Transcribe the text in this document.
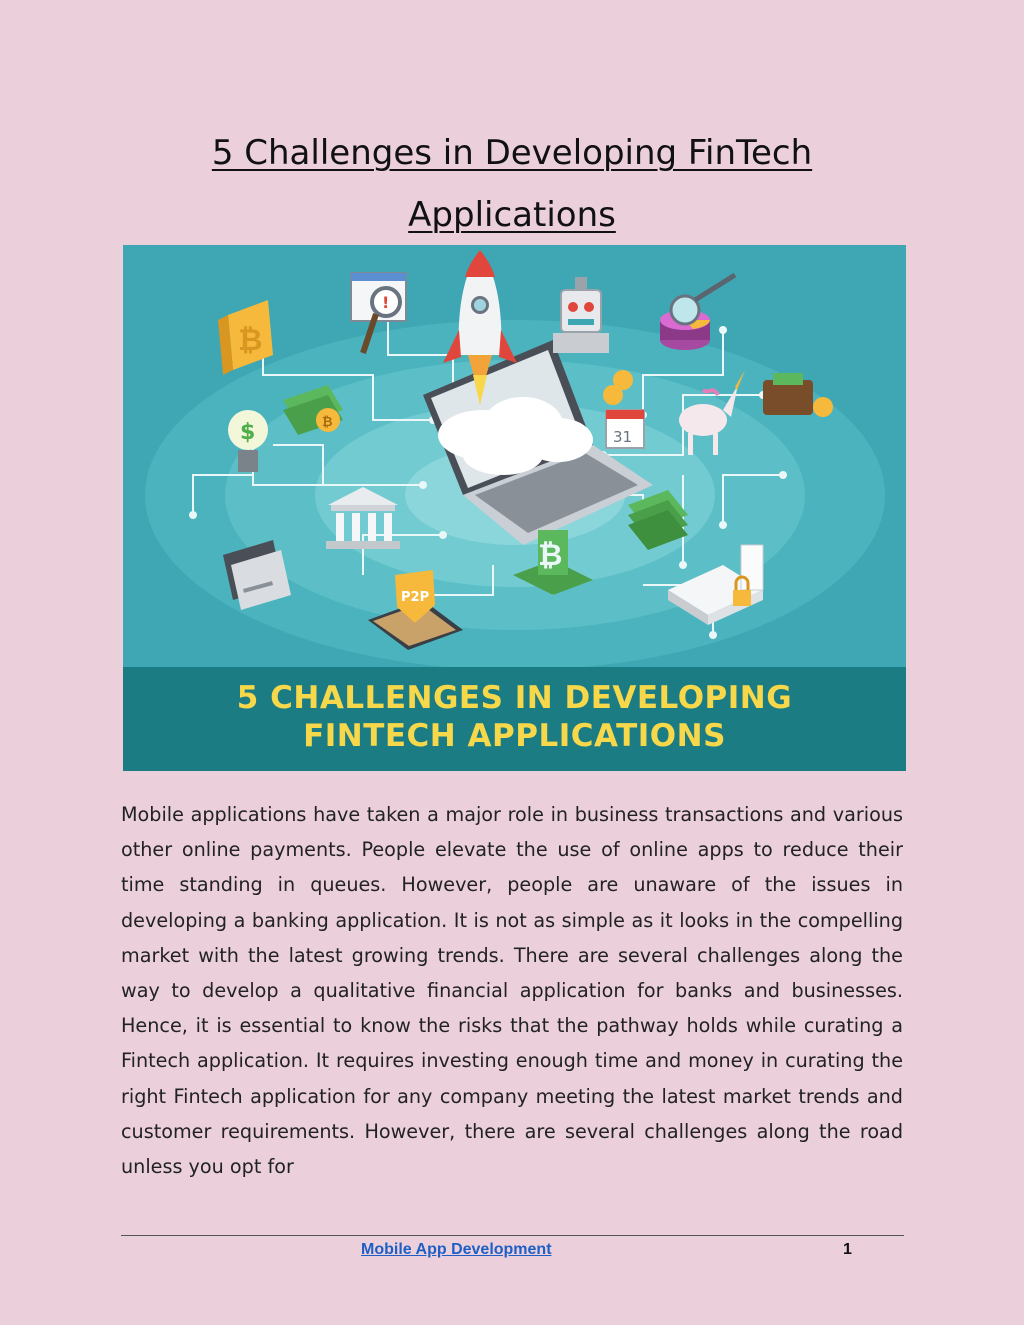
5 Challenges in Developing FinTech
Applications
₿
!
$	₿
31
₿
P2P
5 CHALLENGES IN DEVELOPING
FINTECH APPLICATIONS

Mobile applications have taken a major role in business transactions and various other online payments. People elevate the use of online apps to reduce their time standing in queues. However, people are unaware of the issues in developing a banking application. It is not as simple as it looks in the compelling market with the latest growing trends. There are several challenges along the way to develop a qualitative financial application for banks and businesses. Hence, it is essential to know the risks that the pathway holds while curating a Fintech application. It requires investing enough time and money in curating the right Fintech application for any company meeting the latest market trends and customer requirements. However, there are several challenges along the road unless you opt for

Mobile App Development	1
